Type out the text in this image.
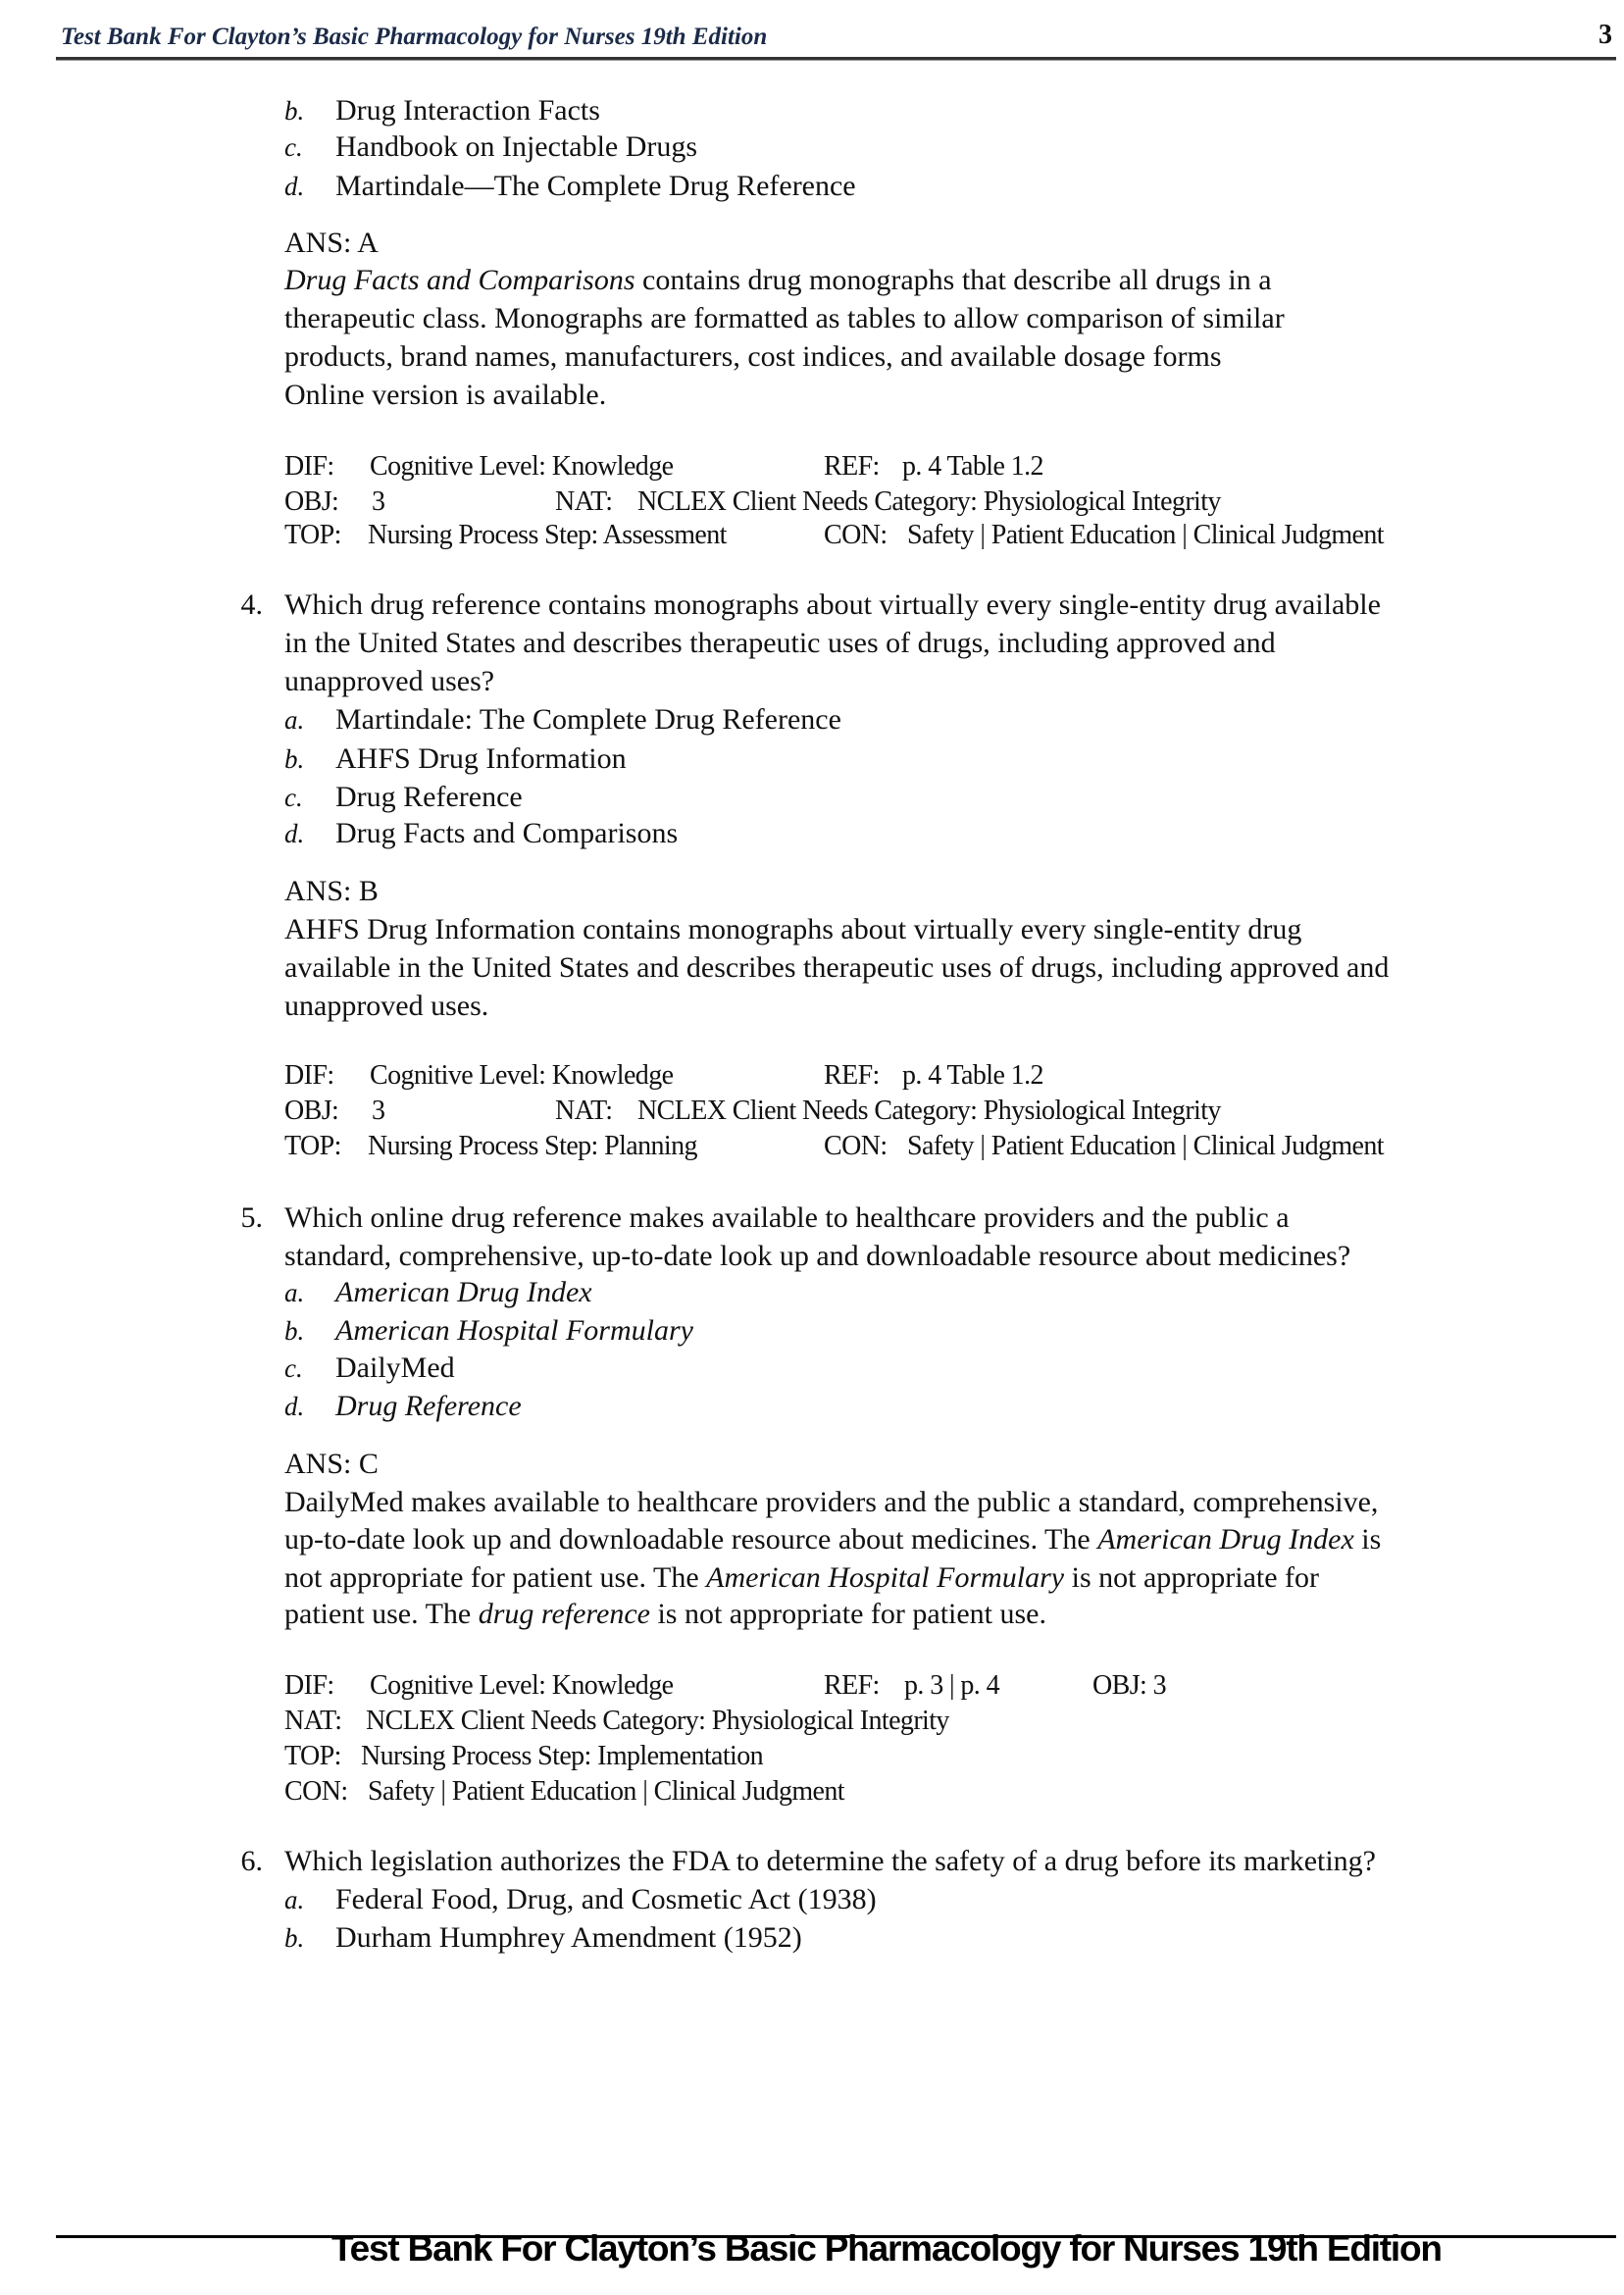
Test Bank For Clayton’s Basic Pharmacology for Nurses 19th Edition	3
b. Drug Interaction Facts
c. Handbook on Injectable Drugs
d. Martindale—The Complete Drug Reference
ANS: A
Drug Facts and Comparisons contains drug monographs that describe all drugs in a
therapeutic class. Monographs are formatted as tables to allow comparison of similar
products, brand names, manufacturers, cost indices, and available dosage forms
Online version is available.
DIF: Cognitive Level: Knowledge	REF: p. 4 Table 1.2
OBJ: 3	NAT: NCLEX Client Needs Category: Physiological Integrity
TOP: Nursing Process Step: Assessment	CON: Safety | Patient Education | Clinical Judgment
4. Which drug reference contains monographs about virtually every single-entity drug available
in the United States and describes therapeutic uses of drugs, including approved and
unapproved uses?
a. Martindale: The Complete Drug Reference
b. AHFS Drug Information
c. Drug Reference
d. Drug Facts and Comparisons
ANS: B
AHFS Drug Information contains monographs about virtually every single-entity drug
available in the United States and describes therapeutic uses of drugs, including approved and
unapproved uses.
DIF: Cognitive Level: Knowledge	REF: p. 4 Table 1.2
OBJ: 3	NAT: NCLEX Client Needs Category: Physiological Integrity
TOP: Nursing Process Step: Planning	CON: Safety | Patient Education | Clinical Judgment
5. Which online drug reference makes available to healthcare providers and the public a
standard, comprehensive, up-to-date look up and downloadable resource about medicines?
a. American Drug Index
b. American Hospital Formulary
c. DailyMed
d. Drug Reference
ANS: C
DailyMed makes available to healthcare providers and the public a standard, comprehensive,
up-to-date look up and downloadable resource about medicines. The American Drug Index is
not appropriate for patient use. The American Hospital Formulary is not appropriate for
patient use. The drug reference is not appropriate for patient use.
DIF: Cognitive Level: Knowledge	REF: p. 3 | p. 4	OBJ: 3
NAT: NCLEX Client Needs Category: Physiological Integrity
TOP: Nursing Process Step: Implementation
CON: Safety | Patient Education | Clinical Judgment
6. Which legislation authorizes the FDA to determine the safety of a drug before its marketing?
a. Federal Food, Drug, and Cosmetic Act (1938)
b. Durham Humphrey Amendment (1952)
Test Bank For Clayton’s Basic Pharmacology for Nurses 19th Edition
